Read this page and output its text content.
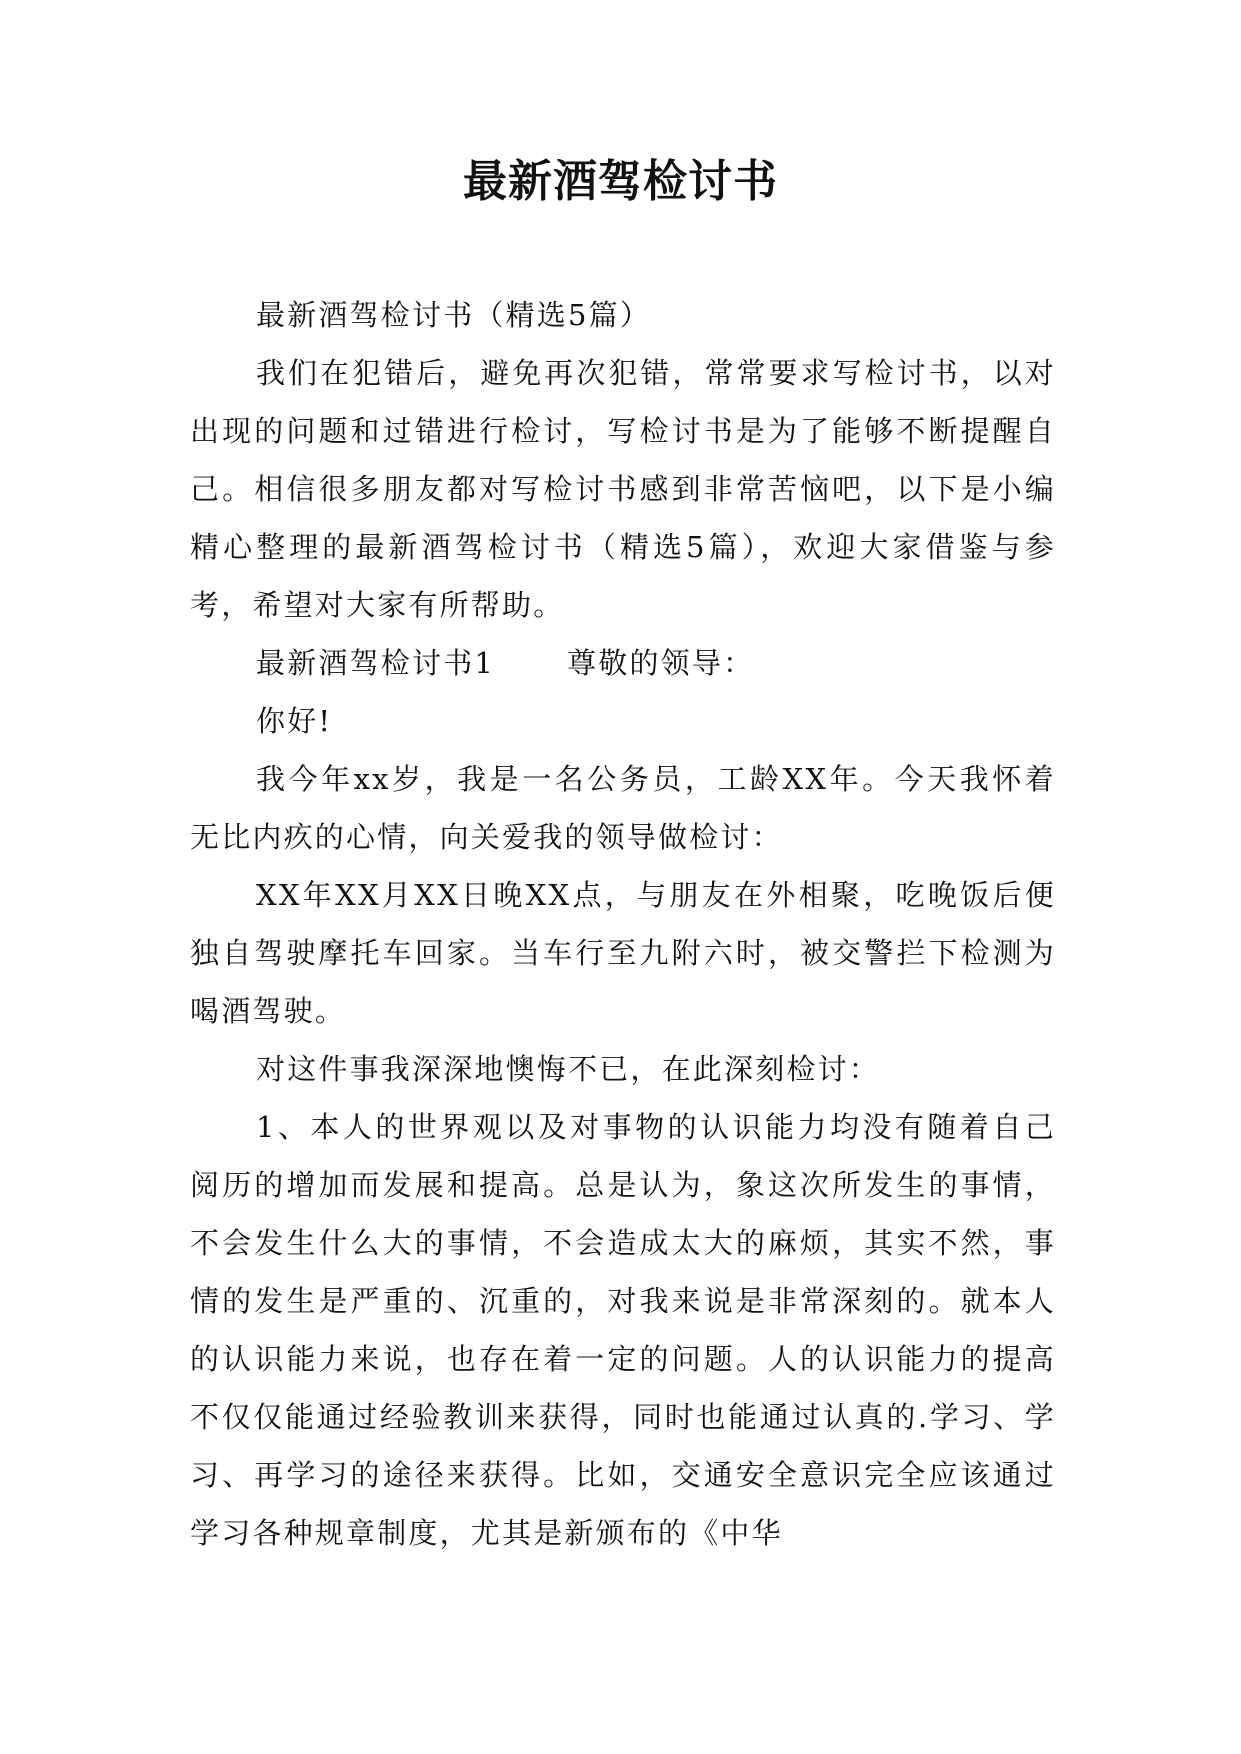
最新酒驾检讨书

最新酒驾检讨书（精选5篇）

我们在犯错后，避免再次犯错，常常要求写检讨书，以对出现的问题和过错进行检讨，写检讨书是为了能够不断提醒自己。相信很多朋友都对写检讨书感到非常苦恼吧，以下是小编精心整理的最新酒驾检讨书（精选5篇），欢迎大家借鉴与参考，希望对大家有所帮助。

最新酒驾检讨书1 尊敬的领导：

你好!

我今年xx岁，我是一名公务员，工龄XX年。今天我怀着无比内疚的心情，向关爱我的领导做检讨：

XX年XX月XX日晚XX点，与朋友在外相聚，吃晚饭后便独自驾驶摩托车回家。当车行至九附六时，被交警拦下检测为喝酒驾驶。

对这件事我深深地懊悔不已，在此深刻检讨：

1、本人的世界观以及对事物的认识能力均没有随着自己阅历的增加而发展和提高。总是认为，象这次所发生的事情，不会发生什么大的事情，不会造成太大的麻烦，其实不然，事情的发生是严重的、沉重的，对我来说是非常深刻的。就本人的认识能力来说，也存在着一定的问题。人的认识能力的提高不仅仅能通过经验教训来获得，同时也能通过认真的.学习、学习、再学习的途径来获得。比如，交通安全意识完全应该通过学习各种规章制度，尤其是新颁布的《中华
